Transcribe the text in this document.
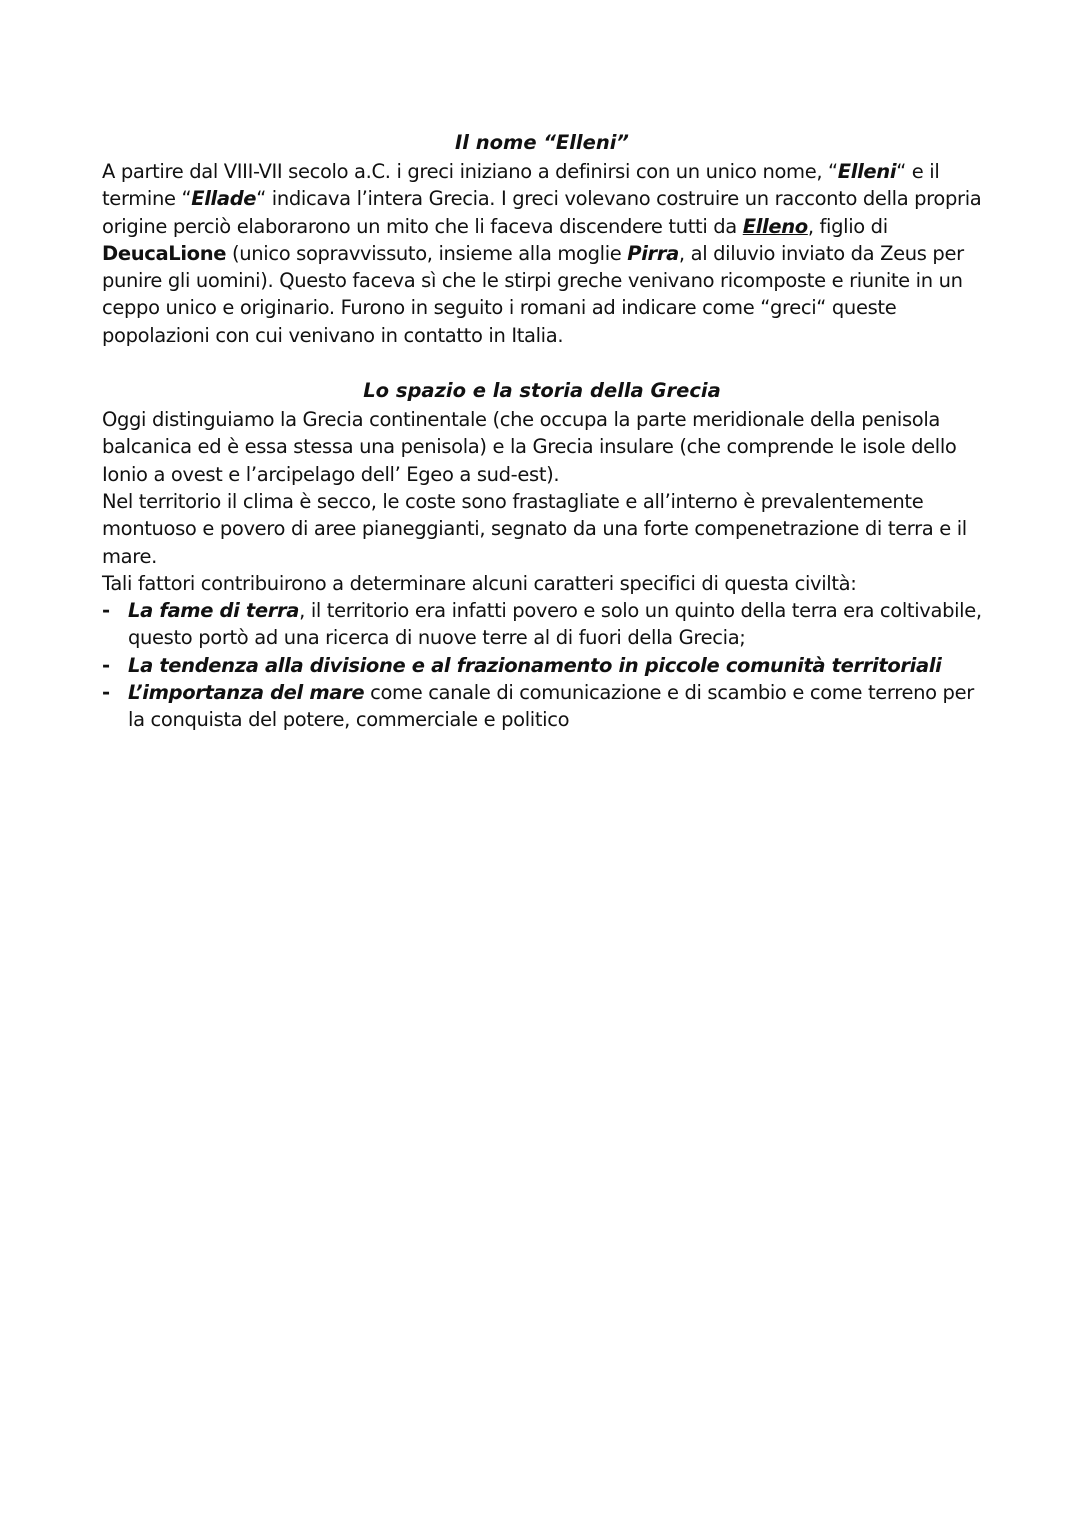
Il nome “Elleni”

A partire dal VIII-VII secolo a.C. i greci iniziano a definirsi con un unico nome, “Elleni“ e il termine “Ellade“ indicava l’intera Grecia. I greci volevano costruire un racconto della propria origine perciò elaborarono un mito che li faceva discendere tutti da Elleno, figlio di DeucaLione (unico sopravvissuto, insieme alla moglie Pirra, al diluvio inviato da Zeus per punire gli uomini). Questo faceva sì che le stirpi greche venivano ricomposte e riunite in un ceppo unico e originario. Furono in seguito i romani ad indicare come “greci“ queste popolazioni con cui venivano in contatto in Italia.

Lo spazio e la storia della Grecia

Oggi distinguiamo la Grecia continentale (che occupa la parte meridionale della penisola balcanica ed è essa stessa una penisola) e la Grecia insulare (che comprende le isole dello Ionio a ovest e l’arcipelago dell’ Egeo a sud-est).

Nel territorio il clima è secco, le coste sono frastagliate e all’interno è prevalentemente montuoso e povero di aree pianeggianti, segnato da una forte compenetrazione di terra e il mare.

Tali fattori contribuirono a determinare alcuni caratteri specifici di questa civiltà:

- La fame di terra, il territorio era infatti povero e solo un quinto della terra era coltivabile, questo portò ad una ricerca di nuove terre al di fuori della Grecia;
- La tendenza alla divisione e al frazionamento in piccole comunità territoriali
- L’importanza del mare come canale di comunicazione e di scambio e come terreno per la conquista del potere, commerciale e politico
